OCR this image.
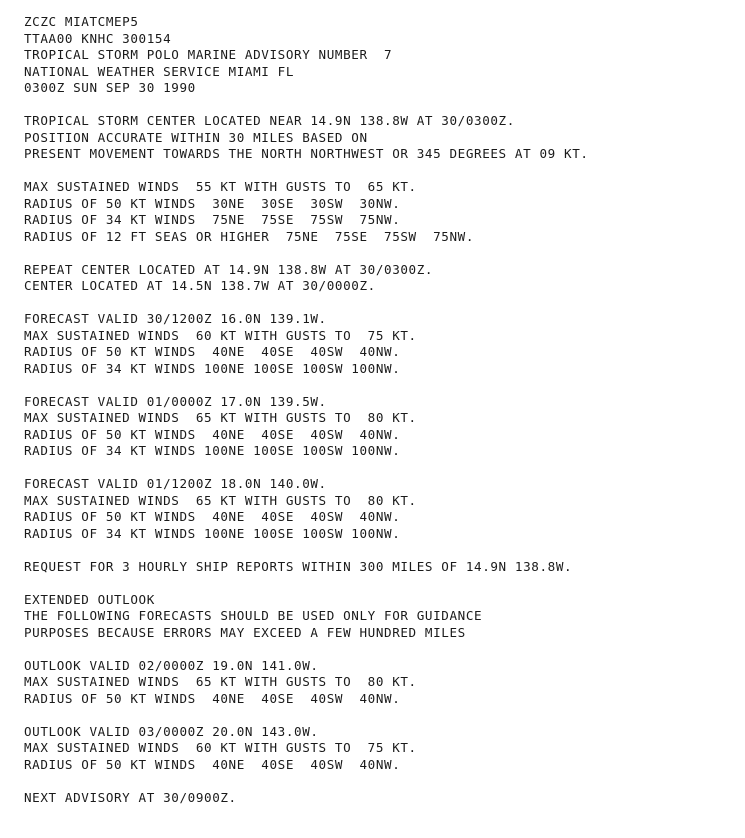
ZCZC MIATCMEP5
TTAA00 KNHC 300154
TROPICAL STORM POLO MARINE ADVISORY NUMBER  7
NATIONAL WEATHER SERVICE MIAMI FL
0300Z SUN SEP 30 1990
TROPICAL STORM CENTER LOCATED NEAR 14.9N 138.8W AT 30/0300Z.
POSITION ACCURATE WITHIN 30 MILES BASED ON
PRESENT MOVEMENT TOWARDS THE NORTH NORTHWEST OR 345 DEGREES AT 09 KT.
MAX SUSTAINED WINDS  55 KT WITH GUSTS TO  65 KT.
RADIUS OF 50 KT WINDS  30NE  30SE  30SW  30NW.
RADIUS OF 34 KT WINDS  75NE  75SE  75SW  75NW.
RADIUS OF 12 FT SEAS OR HIGHER  75NE  75SE  75SW  75NW.
REPEAT CENTER LOCATED AT 14.9N 138.8W AT 30/0300Z.
CENTER LOCATED AT 14.5N 138.7W AT 30/0000Z.
FORECAST VALID 30/1200Z 16.0N 139.1W.
MAX SUSTAINED WINDS  60 KT WITH GUSTS TO  75 KT.
RADIUS OF 50 KT WINDS  40NE  40SE  40SW  40NW.
RADIUS OF 34 KT WINDS 100NE 100SE 100SW 100NW.
FORECAST VALID 01/0000Z 17.0N 139.5W.
MAX SUSTAINED WINDS  65 KT WITH GUSTS TO  80 KT.
RADIUS OF 50 KT WINDS  40NE  40SE  40SW  40NW.
RADIUS OF 34 KT WINDS 100NE 100SE 100SW 100NW.
FORECAST VALID 01/1200Z 18.0N 140.0W.
MAX SUSTAINED WINDS  65 KT WITH GUSTS TO  80 KT.
RADIUS OF 50 KT WINDS  40NE  40SE  40SW  40NW.
RADIUS OF 34 KT WINDS 100NE 100SE 100SW 100NW.
REQUEST FOR 3 HOURLY SHIP REPORTS WITHIN 300 MILES OF 14.9N 138.8W.
EXTENDED OUTLOOK
THE FOLLOWING FORECASTS SHOULD BE USED ONLY FOR GUIDANCE
PURPOSES BECAUSE ERRORS MAY EXCEED A FEW HUNDRED MILES
OUTLOOK VALID 02/0000Z 19.0N 141.0W.
MAX SUSTAINED WINDS  65 KT WITH GUSTS TO  80 KT.
RADIUS OF 50 KT WINDS  40NE  40SE  40SW  40NW.
OUTLOOK VALID 03/0000Z 20.0N 143.0W.
MAX SUSTAINED WINDS  60 KT WITH GUSTS TO  75 KT.
RADIUS OF 50 KT WINDS  40NE  40SE  40SW  40NW.
NEXT ADVISORY AT 30/0900Z.
